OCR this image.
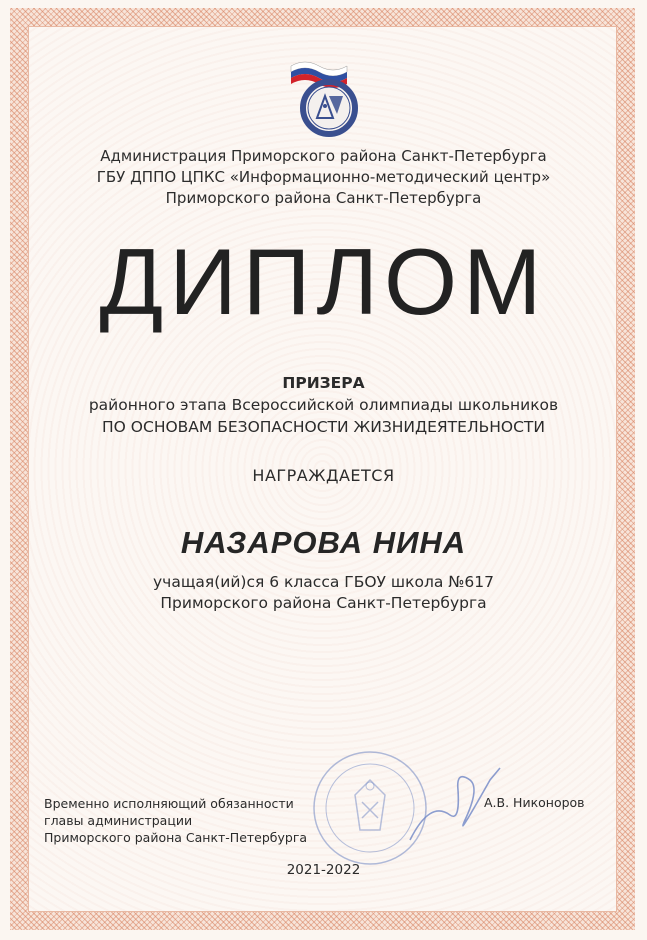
Администрация Приморского района Санкт-Петербурга
ГБУ ДППО ЦПКС «Информационно-методический центр»
Приморского района Санкт-Петербурга
ДИПЛОМ
ПРИЗЕРА
районного этапа Всероссийской олимпиады школьников
ПО ОСНОВАМ БЕЗОПАСНОСТИ ЖИЗНИДЕЯТЕЛЬНОСТИ
НАГРАЖДАЕТСЯ
НАЗАРОВА НИНА
учащая(ий)ся 6 класса ГБОУ школа №617
Приморского района Санкт-Петербурга
Временно исполняющий обязанности
главы администрации
Приморского района Санкт-Петербурга
А.В. Никоноров
2021-2022
